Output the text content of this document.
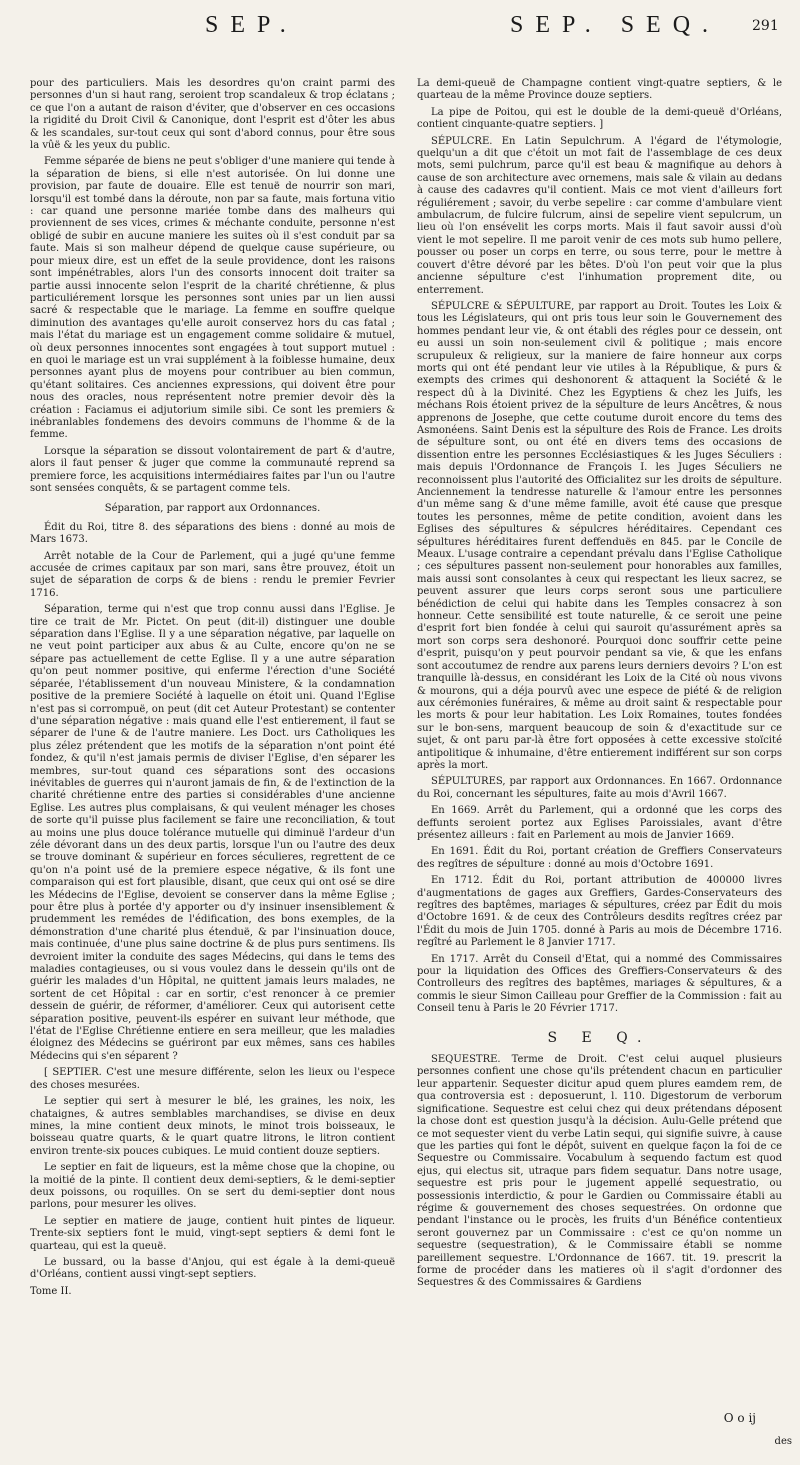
SEP.	SEP. SEQ. 291

pour des particuliers. Mais les desordres qu'on craint parmi des personnes d'un si haut rang, seroient trop scandaleux & trop éclatans ; ce que l'on a autant de raison d'éviter, que d'observer en ces occasions la rigidité du Droit Civil & Canonique, dont l'esprit est d'ôter les abus & les scandales, sur-tout ceux qui sont d'abord connus, pour être sous la vûë & les yeux du public.

Femme séparée de biens ne peut s'obliger d'une maniere qui tende à la séparation de biens, si elle n'est autorisée. On lui donne une provision, par faute de douaire. Elle est tenuë de nourrir son mari, lorsqu'il est tombé dans la déroute, non par sa faute, mais fortuna vitio : car quand une personne mariée tombe dans des malheurs qui proviennent de ses vices, crimes & méchante conduite, personne n'est obligé de subir en aucune maniere les suites où il s'est conduit par sa faute. Mais si son malheur dépend de quelque cause supérieure, ou pour mieux dire, est un effet de la seule providence, dont les raisons sont impénétrables, alors l'un des consorts innocent doit traiter sa partie aussi innocente selon l'esprit de la charité chrétienne, & plus particuliérement lorsque les personnes sont unies par un lien aussi sacré & respectable que le mariage. La femme en souffre quelque diminution des avantages qu'elle auroit conservez hors du cas fatal ; mais l'état du mariage est un engagement comme solidaire & mutuel, où deux personnes innocentes sont engagées à tout support mutuel : en quoi le mariage est un vrai supplément à la foiblesse humaine, deux personnes ayant plus de moyens pour contribuer au bien commun, qu'étant solitaires. Ces anciennes expressions, qui doivent être pour nous des oracles, nous représentent notre premier devoir dès la création : Faciamus ei adjutorium simile sibi. Ce sont les premiers & inébranlables fondemens des devoirs communs de l'homme & de la femme.

Lorsque la séparation se dissout volontairement de part & d'autre, alors il faut penser & juger que comme la communauté reprend sa premiere force, les acquisitions intermédiaires faites par l'un ou l'autre sont sensées conquêts, & se partagent comme tels.

Séparation, par rapport aux Ordonnances.

Édit du Roi, titre 8. des séparations des biens : donné au mois de Mars 1673.

Arrêt notable de la Cour de Parlement, qui a jugé qu'une femme accusée de crimes capitaux par son mari, sans être prouvez, étoit un sujet de séparation de corps & de biens : rendu le premier Fevrier 1716.

Séparation, terme qui n'est que trop connu aussi dans l'Eglise. Je tire ce trait de Mr. Pictet. On peut (dit-il) distinguer une double séparation dans l'Eglise. Il y a une séparation négative, par laquelle on ne veut point participer aux abus & au Culte, encore qu'on ne se sépare pas actuellement de cette Eglise. Il y a une autre séparation qu'on peut nommer positive, qui enferme l'érection d'une Société séparée, l'établissement d'un nouveau Ministere, & la condamnation positive de la premiere Société à laquelle on étoit uni. Quand l'Eglise n'est pas si corrompuë, on peut (dit cet Auteur Protestant) se contenter d'une séparation négative : mais quand elle l'est entierement, il faut se séparer de l'une & de l'autre maniere. Les Doct. urs Catholiques les plus zélez prétendent que les motifs de la séparation n'ont point été fondez, & qu'il n'est jamais permis de diviser l'Eglise, d'en séparer les membres, sur-tout quand ces séparations sont des occasions inévitables de guerres qui n'auront jamais de fin, & de l'extinction de la charité chrétienne entre des parties si considérables d'une ancienne Eglise. Les autres plus complaisans, & qui veulent ménager les choses de sorte qu'il puisse plus facilement se faire une reconciliation, & tout au moins une plus douce tolérance mutuelle qui diminuë l'ardeur d'un zéle dévorant dans un des deux partis, lorsque l'un ou l'autre des deux se trouve dominant & supérieur en forces séculieres, regrettent de ce qu'on n'a point usé de la premiere espece négative, & ils font une comparaison qui est fort plausible, disant, que ceux qui ont osé se dire les Médecins de l'Eglise, devoient se conserver dans la même Eglise ; pour être plus à portée d'y apporter ou d'y insinuer insensiblement & prudemment les remédes de l'édification, des bons exemples, de la démonstration d'une charité plus étenduë, & par l'insinuation douce, mais continuée, d'une plus saine doctrine & de plus purs sentimens. Ils devroient imiter la conduite des sages Médecins, qui dans le tems des maladies contagieuses, ou si vous voulez dans le dessein qu'ils ont de guérir les malades d'un Hôpital, ne quittent jamais leurs malades, ne sortent de cet Hôpital : car en sortir, c'est renoncer à ce premier dessein de guérir, de réformer, d'améliorer. Ceux qui autorisent cette séparation positive, peuvent-ils espérer en suivant leur méthode, que l'état de l'Eglise Chrétienne entiere en sera meilleur, que les maladies éloignez des Médecins se guériront par eux mêmes, sans ces habiles Médecins qui s'en séparent ?

[ SEPTIER. C'est une mesure différente, selon les lieux ou l'espece des choses mesurées.

Le septier qui sert à mesurer le blé, les graines, les noix, les chataignes, & autres semblables marchandises, se divise en deux mines, la mine contient deux minots, le minot trois boisseaux, le boisseau quatre quarts, & le quart quatre litrons, le litron contient environ trente-six pouces cubiques. Le muid contient douze septiers.

Le septier en fait de liqueurs, est la même chose que la chopine, ou la moitié de la pinte. Il contient deux demi-septiers, & le demi-septier deux poissons, ou roquilles. On se sert du demi-septier dont nous parlons, pour mesurer les olives.

Le septier en matiere de jauge, contient huit pintes de liqueur. Trente-six septiers font le muid, vingt-sept septiers & demi font le quarteau, qui est la queuë.

Le bussard, ou la basse d'Anjou, qui est égale à la demi-queuë d'Orléans, contient aussi vingt-sept septiers.

Tome II.

La demi-queuë de Champagne contient vingt-quatre septiers, & le quarteau de la même Province douze septiers.

La pipe de Poitou, qui est le double de la demi-queuë d'Orléans, contient cinquante-quatre septiers. ]

SÉPULCRE. En Latin Sepulchrum. A l'égard de l'étymologie, quelqu'un a dit que c'étoit un mot fait de l'assemblage de ces deux mots, semi pulchrum, parce qu'il est beau & magnifique au dehors à cause de son architecture avec ornemens, mais sale & vilain au dedans à cause des cadavres qu'il contient. Mais ce mot vient d'ailleurs fort réguliérement ; savoir, du verbe sepelire : car comme d'ambulare vient ambulacrum, de fulcire fulcrum, ainsi de sepelire vient sepulcrum, un lieu où l'on ensévelit les corps morts. Mais il faut savoir aussi d'où vient le mot sepelire. Il me paroit venir de ces mots sub humo pellere, pousser ou poser un corps en terre, ou sous terre, pour le mettre à couvert d'être dévoré par les bêtes. D'où l'on peut voir que la plus ancienne sépulture c'est l'inhumation proprement dite, ou enterrement.

SÉPULCRE & SÉPULTURE, par rapport au Droit. Toutes les Loix & tous les Législateurs, qui ont pris tous leur soin le Gouvernement des hommes pendant leur vie, & ont établi des régles pour ce dessein, ont eu aussi un soin non-seulement civil & politique ; mais encore scrupuleux & religieux, sur la maniere de faire honneur aux corps morts qui ont été pendant leur vie utiles à la République, & purs & exempts des crimes qui deshonorent & attaquent la Société & le respect dû à la Divinité. Chez les Egyptiens & chez les Juifs, les méchans Rois étoient privez de la sépulture de leurs Ancêtres, & nous apprenons de Josephe, que cette coutume duroit encore du tems des Asmonéens. Saint Denis est la sépulture des Rois de France. Les droits de sépulture sont, ou ont été en divers tems des occasions de dissention entre les personnes Ecclésiastiques & les Juges Séculiers : mais depuis l'Ordonnance de François I. les Juges Séculiers ne reconnoissent plus l'autorité des Officialitez sur les droits de sépulture. Anciennement la tendresse naturelle & l'amour entre les personnes d'un même sang & d'une même famille, avoit été cause que presque toutes les personnes, même de petite condition, avoient dans les Eglises des sépultures & sépulcres héréditaires. Cependant ces sépultures héréditaires furent deffenduës en 845. par le Concile de Meaux. L'usage contraire a cependant prévalu dans l'Eglise Catholique ; ces sépultures passent non-seulement pour honorables aux familles, mais aussi sont consolantes à ceux qui respectant les lieux sacrez, se peuvent assurer que leurs corps seront sous une particuliere bénédiction de celui qui habite dans les Temples consacrez à son honneur. Cette sensibilité est toute naturelle, & ce seroit une peine d'esprit fort bien fondée à celui qui sauroit qu'assurément après sa mort son corps sera deshonoré. Pourquoi donc souffrir cette peine d'esprit, puisqu'on y peut pourvoir pendant sa vie, & que les enfans sont accoutumez de rendre aux parens leurs derniers devoirs ? L'on est tranquille là-dessus, en considérant les Loix de la Cité où nous vivons & mourons, qui a déja pourvû avec une espece de piété & de religion aux cérémonies funéraires, & même au droit saint & respectable pour les morts & pour leur habitation. Les Loix Romaines, toutes fondées sur le bon-sens, marquent beaucoup de soin & d'exactitude sur ce sujet, & ont paru par-là être fort opposées à cette excessive stoïcité antipolitique & inhumaine, d'être entierement indifférent sur son corps après la mort.

SÉPULTURES, par rapport aux Ordonnances. En 1667. Ordonnance du Roi, concernant les sépultures, faite au mois d'Avril 1667.

En 1669. Arrêt du Parlement, qui a ordonné que les corps des deffunts seroient portez aux Eglises Paroissiales, avant d'être présentez ailleurs : fait en Parlement au mois de Janvier 1669.

En 1691. Édit du Roi, portant création de Greffiers Conservateurs des regîtres de sépulture : donné au mois d'Octobre 1691.

En 1712. Édit du Roi, portant attribution de 400000 livres d'augmentations de gages aux Greffiers, Gardes-Conservateurs des regîtres des baptêmes, mariages & sépultures, créez par Édit du mois d'Octobre 1691. & de ceux des Contrôleurs desdits regîtres créez par l'Édit du mois de Juin 1705. donné à Paris au mois de Décembre 1716. regîtré au Parlement le 8 Janvier 1717.

En 1717. Arrêt du Conseil d'Etat, qui a nommé des Commissaires pour la liquidation des Offices des Greffiers-Conservateurs & des Controlleurs des regîtres des baptêmes, mariages & sépultures, & a commis le sieur Simon Cailleau pour Greffier de la Commission : fait au Conseil tenu à Paris le 20 Février 1717.

S E Q.

SEQUESTRE. Terme de Droit. C'est celui auquel plusieurs personnes confient une chose qu'ils prétendent chacun en particulier leur appartenir. Sequester dicitur apud quem plures eamdem rem, de qua controversia est : deposuerunt, l. 110. Digestorum de verborum significatione. Sequestre est celui chez qui deux prétendans déposent la chose dont est question jusqu'à la décision. Aulu-Gelle prétend que ce mot sequester vient du verbe Latin sequi, qui signifie suivre, à cause que les parties qui font le dépôt, suivent en quelque façon la foi de ce Sequestre ou Commissaire. Vocabulum à sequendo factum est quod ejus, qui electus sit, utraque pars fidem sequatur. Dans notre usage, sequestre est pris pour le jugement appellé sequestratio, ou possessionis interdictio, & pour le Gardien ou Commissaire établi au régime & gouvernement des choses sequestrées. On ordonne que pendant l'instance ou le procès, les fruits d'un Bénéfice contentieux seront gouvernez par un Commissaire : c'est ce qu'on nomme un sequestre (sequestration), & le Commissaire établi se nomme pareillement sequestre. L'Ordonnance de 1667. tit. 19. prescrit la forme de procéder dans les matieres où il s'agit d'ordonner des Sequestres & des Commissaires & Gardiens

O o ij
des
